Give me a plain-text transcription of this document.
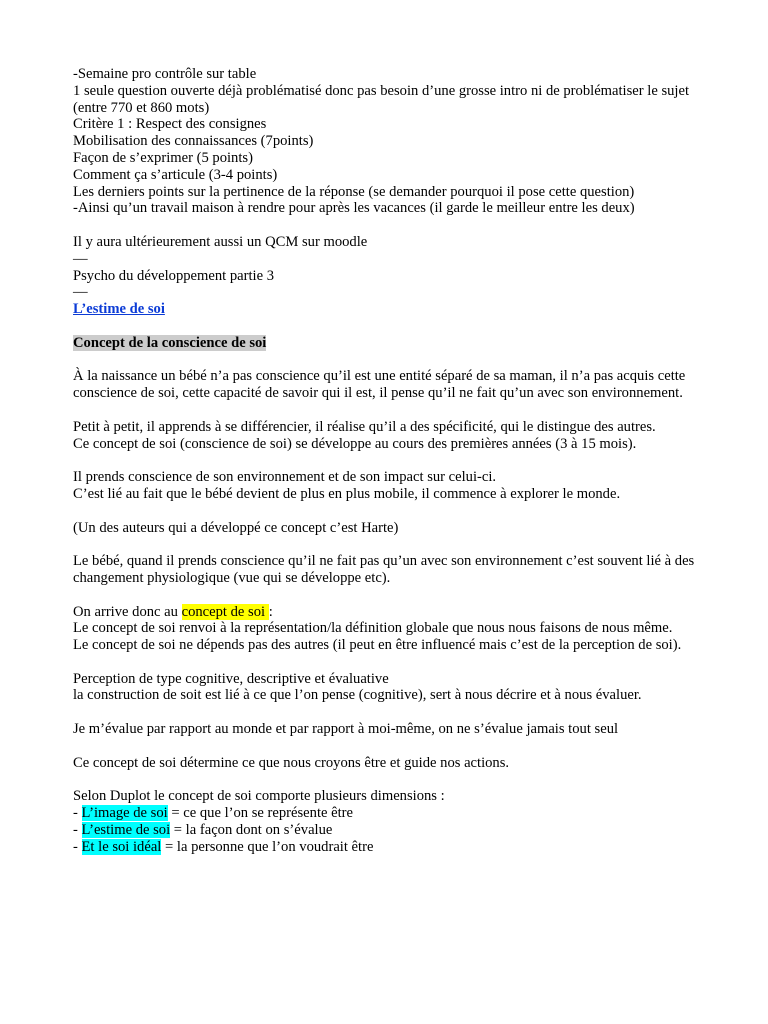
-Semaine pro contrôle sur table

1 seule question ouverte déjà problématisé donc pas besoin d’une grosse intro ni de problématiser le sujet (entre 770 et 860 mots)

Critère 1 : Respect des consignes

Mobilisation des connaissances (7points)

Façon de s’exprimer (5 points)

Comment ça s’articule (3-4 points)

Les derniers points sur la pertinence de la réponse (se demander pourquoi il pose cette question)

-Ainsi qu’un travail maison à rendre pour après les vacances (il garde le meilleur entre les deux)

Il y aura ultérieurement aussi un QCM sur moodle

—

Psycho du développement partie 3

—

L’estime de soi

Concept de la conscience de soi

À la naissance un bébé n’a pas conscience qu’il est une entité séparé de sa maman, il n’a pas acquis cette conscience de soi, cette capacité de savoir qui il est, il pense qu’il ne fait qu’un avec son environnement.

Petit à petit, il apprends à se différencier, il réalise qu’il a des spécificité, qui le distingue des autres.

Ce concept de soi (conscience de soi) se développe au cours des premières années (3 à 15 mois).

Il prends conscience de son environnement et de son impact sur celui-ci.

C’est lié au fait que le bébé devient de plus en plus mobile, il commence à explorer le monde.

(Un des auteurs qui a développé ce concept c’est Harte)

Le bébé, quand il prends conscience qu’il ne fait pas qu’un avec son environnement c’est souvent lié à des changement physiologique (vue qui se développe etc).

On arrive donc au concept de soi :

Le concept de soi renvoi à la représentation/la définition globale que nous nous faisons de nous même.

Le concept de soi ne dépends pas des autres (il peut en être influencé mais c’est de la perception de soi).

Perception de type cognitive, descriptive et évaluative

la construction de soit est lié à ce que l’on pense (cognitive), sert à nous décrire et à nous évaluer.

Je m’évalue par rapport au monde et par rapport à moi-même, on ne s’évalue jamais tout seul

Ce concept de soi détermine ce que nous croyons être et guide nos actions.

Selon Duplot le concept de soi comporte plusieurs dimensions :

- L’image de soi = ce que l’on se représente être

- L’estime de soi = la façon dont on s’évalue

- Et le soi idéal = la personne que l’on voudrait être
